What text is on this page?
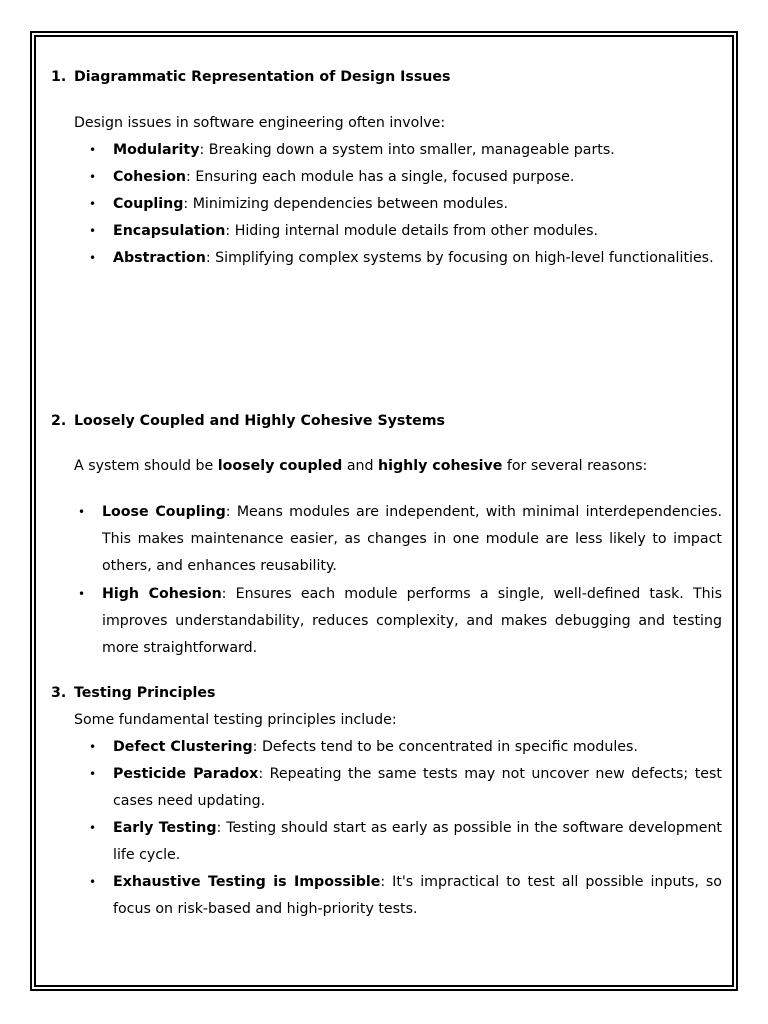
1. Diagrammatic Representation of Design Issues
Design issues in software engineering often involve:
• Modularity: Breaking down a system into smaller, manageable parts.
• Cohesion: Ensuring each module has a single, focused purpose.
• Coupling: Minimizing dependencies between modules.
• Encapsulation: Hiding internal module details from other modules.
• Abstraction: Simplifying complex systems by focusing on high-level functionalities.
2. Loosely Coupled and Highly Cohesive Systems
A system should be loosely coupled and highly cohesive for several reasons:
• Loose Coupling: Means modules are independent, with minimal interdependencies. This makes maintenance easier, as changes in one module are less likely to impact others, and enhances reusability.
• High Cohesion: Ensures each module performs a single, well-defined task. This improves understandability, reduces complexity, and makes debugging and testing more straightforward.
3. Testing Principles
Some fundamental testing principles include:
• Defect Clustering: Defects tend to be concentrated in specific modules.
• Pesticide Paradox: Repeating the same tests may not uncover new defects; test cases need updating.
• Early Testing: Testing should start as early as possible in the software development life cycle.
• Exhaustive Testing is Impossible: It's impractical to test all possible inputs, so focus on risk-based and high-priority tests.
